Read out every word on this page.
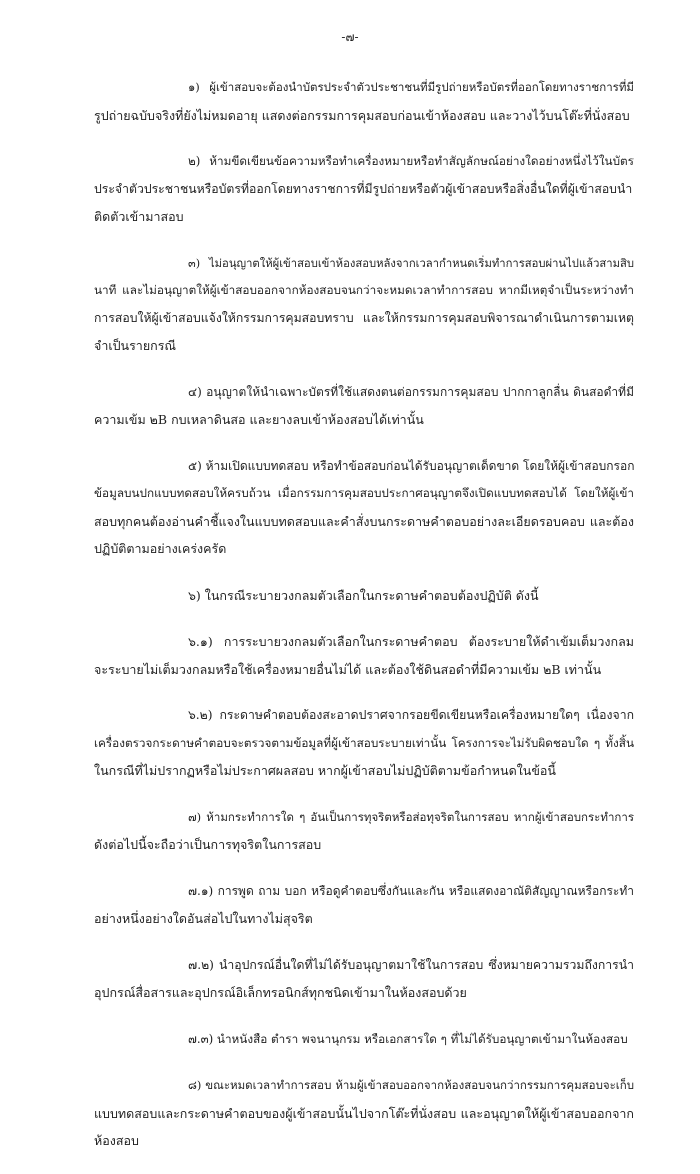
-๗-
๑) ผู้เข้าสอบจะต้องนำบัตรประจำตัวประชาชนที่มีรูปถ่ายหรือบัตรที่ออกโดยทางราชการที่มี
รูปถ่ายฉบับจริงที่ยังไม่หมดอายุ แสดงต่อกรรมการคุมสอบก่อนเข้าห้องสอบ และวางไว้บนโต๊ะที่นั่งสอบ
๒) ห้ามขีดเขียนข้อความหรือทำเครื่องหมายหรือทำสัญลักษณ์อย่างใดอย่างหนึ่งไว้ในบัตร
ประจำตัวประชาชนหรือบัตรที่ออกโดยทางราชการที่มีรูปถ่ายหรือตัวผู้เข้าสอบหรือสิ่งอื่นใดที่ผู้เข้าสอบนำ
ติดตัวเข้ามาสอบ
๓) ไม่อนุญาตให้ผู้เข้าสอบเข้าห้องสอบหลังจากเวลากำหนดเริ่มทำการสอบผ่านไปแล้วสามสิบ
นาที และไม่อนุญาตให้ผู้เข้าสอบออกจากห้องสอบจนกว่าจะหมดเวลาทำการสอบ หากมีเหตุจำเป็นระหว่างทำ
การสอบให้ผู้เข้าสอบแจ้งให้กรรมการคุมสอบทราบ และให้กรรมการคุมสอบพิจารณาดำเนินการตามเหตุ
จำเป็นรายกรณี
๔) อนุญาตให้นำเฉพาะบัตรที่ใช้แสดงตนต่อกรรมการคุมสอบ ปากกาลูกลื่น ดินสอดำที่มี
ความเข้ม ๒B กบเหลาดินสอ และยางลบเข้าห้องสอบได้เท่านั้น
๕) ห้ามเปิดแบบทดสอบ หรือทำข้อสอบก่อนได้รับอนุญาตเด็ดขาด โดยให้ผู้เข้าสอบกรอก
ข้อมูลบนปกแบบทดสอบให้ครบถ้วน เมื่อกรรมการคุมสอบประกาศอนุญาตจึงเปิดแบบทดสอบได้ โดยให้ผู้เข้า
สอบทุกคนต้องอ่านคำชี้แจงในแบบทดสอบและคำสั่งบนกระดาษคำตอบอย่างละเอียดรอบคอบ และต้อง
ปฏิบัติตามอย่างเคร่งครัด
๖) ในกรณีระบายวงกลมตัวเลือกในกระดาษคำตอบต้องปฏิบัติ ดังนี้
๖.๑) การระบายวงกลมตัวเลือกในกระดาษคำตอบ ต้องระบายให้ดำเข้มเต็มวงกลม
จะระบายไม่เต็มวงกลมหรือใช้เครื่องหมายอื่นไม่ได้ และต้องใช้ดินสอดำที่มีความเข้ม ๒B เท่านั้น
๖.๒) กระดาษคำตอบต้องสะอาดปราศจากรอยขีดเขียนหรือเครื่องหมายใดๆ เนื่องจาก
เครื่องตรวจกระดาษคำตอบจะตรวจตามข้อมูลที่ผู้เข้าสอบระบายเท่านั้น โครงการจะไม่รับผิดชอบใด ๆ ทั้งสิ้น
ในกรณีที่ไม่ปรากฏหรือไม่ประกาศผลสอบ หากผู้เข้าสอบไม่ปฏิบัติตามข้อกำหนดในข้อนี้
๗) ห้ามกระทำการใด ๆ อันเป็นการทุจริตหรือส่อทุจริตในการสอบ หากผู้เข้าสอบกระทำการ
ดังต่อไปนี้จะถือว่าเป็นการทุจริตในการสอบ
๗.๑) การพูด ถาม บอก หรือดูคำตอบซึ่งกันและกัน หรือแสดงอาณัติสัญญาณหรือกระทำ
อย่างหนึ่งอย่างใดอันส่อไปในทางไม่สุจริต
๗.๒) นำอุปกรณ์อื่นใดที่ไม่ได้รับอนุญาตมาใช้ในการสอบ ซึ่งหมายความรวมถึงการนำ
อุปกรณ์สื่อสารและอุปกรณ์อิเล็กทรอนิกส์ทุกชนิดเข้ามาในห้องสอบด้วย
๗.๓) นำหนังสือ ตำรา พจนานุกรม หรือเอกสารใด ๆ ที่ไม่ได้รับอนุญาตเข้ามาในห้องสอบ
๘) ขณะหมดเวลาทำการสอบ ห้ามผู้เข้าสอบออกจากห้องสอบจนกว่ากรรมการคุมสอบจะเก็บ
แบบทดสอบและกระดาษคำตอบของผู้เข้าสอบนั้นไปจากโต๊ะที่นั่งสอบ และอนุญาตให้ผู้เข้าสอบออกจาก
ห้องสอบ
